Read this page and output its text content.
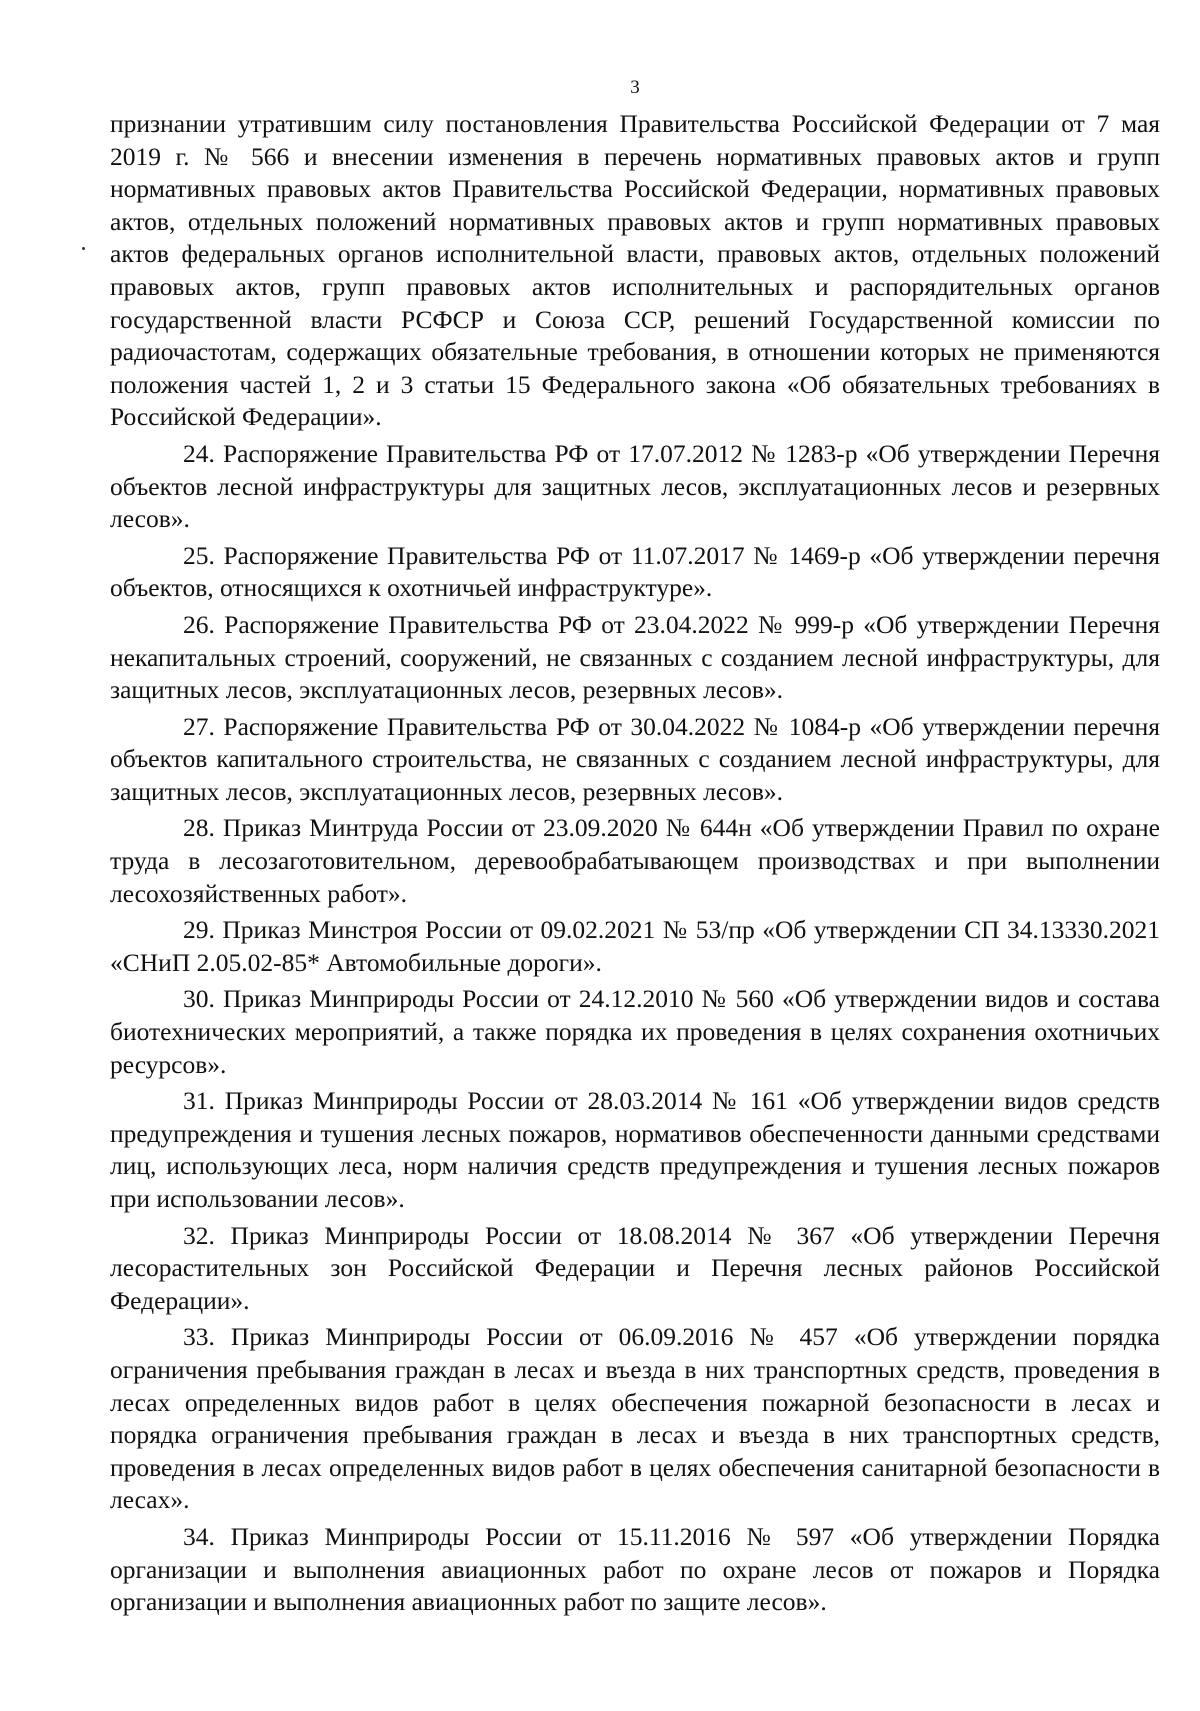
3

признании утратившим силу постановления Правительства Российской Федерации от 7 мая 2019 г. № 566 и внесении изменения в перечень нормативных правовых актов и групп нормативных правовых актов Правительства Российской Федерации, нормативных правовых актов, отдельных положений нормативных правовых актов и групп нормативных правовых актов федеральных органов исполнительной власти, правовых актов, отдельных положений правовых актов, групп правовых актов исполнительных и распорядительных органов государственной власти РСФСР и Союза ССР, решений Государственной комиссии по радиочастотам, содержащих обязательные требования, в отношении которых не применяются положения частей 1, 2 и 3 статьи 15 Федерального закона «Об обязательных требованиях в Российской Федерации».

24. Распоряжение Правительства РФ от 17.07.2012 № 1283-р «Об утверждении Перечня объектов лесной инфраструктуры для защитных лесов, эксплуатационных лесов и резервных лесов».

25. Распоряжение Правительства РФ от 11.07.2017 № 1469-р «Об утверждении перечня объектов, относящихся к охотничьей инфраструктуре».

26. Распоряжение Правительства РФ от 23.04.2022 № 999-р «Об утверждении Перечня некапитальных строений, сооружений, не связанных с созданием лесной инфраструктуры, для защитных лесов, эксплуатационных лесов, резервных лесов».

27. Распоряжение Правительства РФ от 30.04.2022 № 1084-р «Об утверждении перечня объектов капитального строительства, не связанных с созданием лесной инфраструктуры, для защитных лесов, эксплуатационных лесов, резервных лесов».

28. Приказ Минтруда России от 23.09.2020 № 644н «Об утверждении Правил по охране труда в лесозаготовительном, деревообрабатывающем производствах и при выполнении лесохозяйственных работ».

29. Приказ Минстроя России от 09.02.2021 № 53/пр «Об утверждении СП 34.13330.2021 «СНиП 2.05.02-85* Автомобильные дороги».

30. Приказ Минприроды России от 24.12.2010 № 560 «Об утверждении видов и состава биотехнических мероприятий, а также порядка их проведения в целях сохранения охотничьих ресурсов».

31. Приказ Минприроды России от 28.03.2014 № 161 «Об утверждении видов средств предупреждения и тушения лесных пожаров, нормативов обеспеченности данными средствами лиц, использующих леса, норм наличия средств предупреждения и тушения лесных пожаров при использовании лесов».

32. Приказ Минприроды России от 18.08.2014 № 367 «Об утверждении Перечня лесорастительных зон Российской Федерации и Перечня лесных районов Российской Федерации».

33. Приказ Минприроды России от 06.09.2016 № 457 «Об утверждении порядка ограничения пребывания граждан в лесах и въезда в них транспортных средств, проведения в лесах определенных видов работ в целях обеспечения пожарной безопасности в лесах и порядка ограничения пребывания граждан в лесах и въезда в них транспортных средств, проведения в лесах определенных видов работ в целях обеспечения санитарной безопасности в лесах».

34. Приказ Минприроды России от 15.11.2016 № 597 «Об утверждении Порядка организации и выполнения авиационных работ по охране лесов от пожаров и Порядка организации и выполнения авиационных работ по защите лесов».
